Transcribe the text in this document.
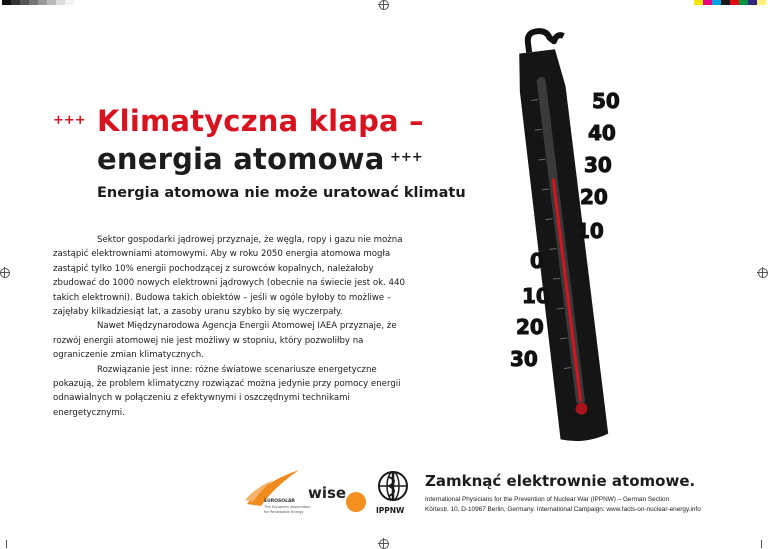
+++ Klimatyczna klapa –
energia atomowa +++
Energia atomowa nie może uratować klimatu

Sektor gospodarki jądrowej przyznaje, że węgla, ropy i gazu nie można zastąpić elektrowniami atomowymi. Aby w roku 2050 energia atomowa mogła zastąpić tylko 10% energii pochodzącej z surowców kopalnych, należałoby zbudować do 1000 nowych elektrowni jądrowych (obecnie na świecie jest ok. 440 takich elektrowni). Budowa takich obiektów – jeśli w ogóle byłoby to możliwe – zajęłaby kilkadziesiąt lat, a zasoby uranu szybko by się wyczerpały.

Nawet Międzynarodowa Agencja Energii Atomowej IAEA przyznaje, że rozwój energii atomowej nie jest możliwy w stopniu, który pozwoliłby na ograniczenie zmian klimatycznych.

Rozwiązanie jest inne: różne światowe scenariusze energetyczne pokazują, że problem klimatyczny rozwiązać można jedynie przy pomocy energii odnawialnych w połączeniu z efektywnymi i oszczędnymi technikami energetycznymi.

50
40
30
20
10
0
10
20
30
EUROSOLAR
The European Association
for Renewable Energy
wise
IPPNW
Zamknąć elektrownie atomowe.
International Physicians for the Prevention of Nuclear War (IPPNW) – German Section
Körtestr. 10, D-10967 Berlin, Germany. International Campaign: www.facts-on-nuclear-energy.info
